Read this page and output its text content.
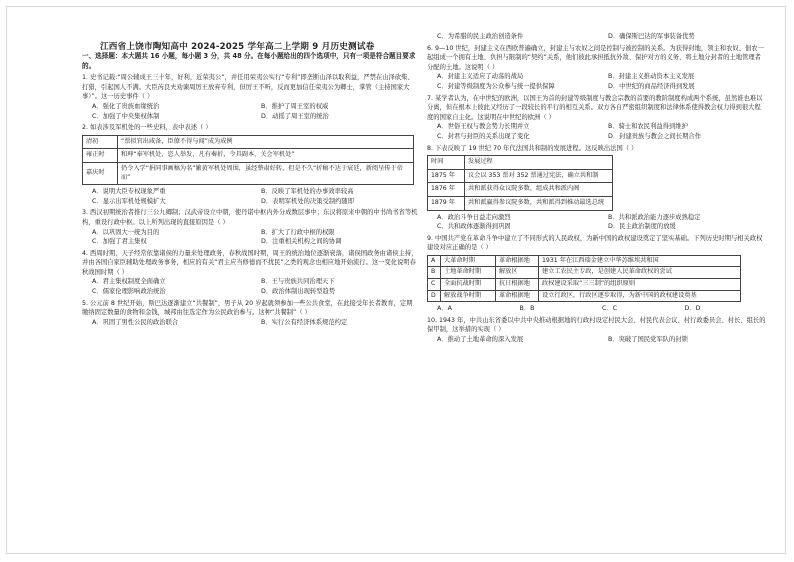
江西省上饶市陶知高中 2024-2025 学年高二上学期 9 月历史测试卷

一、选择题：本大题共 16 小题，每小题 3 分，共 48 分。在每小题给出的四个选项中，只有一项是符合题目要求的。

1. 史书记载:“周公辅成王三十年，好利，近荣夷公”，并任用荣夷公实行“专利”即垄断山泽以取利益，严禁在山泽砍柴、打猎，引起国人不满。大臣芮良夫劝谏周厉王放弃专利，但厉王不听，反而更加信任荣夷公为卿士，掌管（主持国家大事）”。这一历史事件（ ）

A．强化了贵族血缘统治	B．推护了周王室的权威
C．加强了中央集权体制	D．动摇了周王室的统治

2. 如表涉及军机处的一些史料，表中表述（ ）

清初	“票拟官出咸备，臣僚不得与闻”成为成例
雍正时	和珅“奉军机处，恣人举发，凡有奏折，令具副本，关会军机处”
嘉庆时	仍令入学“捐同事画稿为名”繁黄军机处周围，虽经整肃好转，但是不久“折稿不达于宸廷，新阅呈传于帝而”
A．说明大臣专权现象严重	B．反映了军机处的办事效率较高
C．显示出军机处规模扩大	D．表明军机处的决策受制约随即

3. 西汉初期统治者推行三公九卿制；汉武帝设立中朝，使丹诺中枢内外分成数层事中；东汉将原来中朝的中书尚书省等机构，重设行政中枢。以上所列出现的直接原因是（ ）

A．以巩固大一统为目的	B．扩大了行政中枢的权限
C．加强了君主集权	D．注重相关机构之间的协调

4. 西周时期，天子经常依靠诸侯的力量来处理政务，春秋战国时期，周王的统治地位逐渐衰落，诸侯国政务由诸侯主持，并由各国自家臣辅助处理政务事务，相应的有关“君主应当修德而不扰民”之类的观念也相应地开始流行。这一变化说明春秋战国时期（ ）

A．君主集权制度全面确立	B．王与贵族共同治理天下
C．儒家伦理影响政治统治	D．政治体制出现转型趋势

5. 公元前 8 世纪开始，斯巴达逐渐建立“共餐制”，男子从 20 岁起就须参加一些公共食堂，在此接受年长者教育，定期缴纳固定数量的食物和金钱，城邦由往选定作为公民政治参与。这种“共餐制”（ ）

A．巩固了男性公民的政治联合	B．实行公有经济体系规范约定
C．为希腊的民主政治创造条件	D．确保斯巴达的军事装备优势

6. 9—10 世纪，封建主义在西欧普遍确立，封建主与农奴之间是控制与被控制的关系。为获得封地，领主和农奴、佃农一起组成一个拥有土地、负担与限制的“契约”关系，他们彼此承担抵抗外敌、保护对方的义务，将土地分封者的土地管理者分配的土地。这说明（ ）

A．封建主义适应了动荡的战局	B．封建主义推动资本主义发展
C．封建等级制度为公众参与统一提供保障	D．中世纪的商品经济得到发展

7. 某学者认为，在中世纪的欧洲，以国王为首的封建等级制度与教会宗教的首要的教阶制度构成两个系统，虽然谁也难以分离，但在根本上彼此又经历了一段较长的平行的相互关系。双方各自严密组织制度和法律体系使得教会权力得到很大程度的国家自主化。这说明在中世纪的欧洲（ ）

A．世俗王权与教会势力长期并立	B．骑士和农民利益得到维护
C．封君与封臣的关系出现了变化	D．封建贵族与教会之间长期合作

8. 下表反映了 19 世纪 70 年代法国共和制的发展进程。这反映出法国（ ）

时间	发展过程
1875 年	议会以 353 票对 352 票通过宪法，确立共和制
1876 年	共和派获得众议院多数，组成共和派内阁
1879 年	共和派赢得参议院多数，共和派得到推动最选总统
A．政治斗争日益走向激烈	B．共和派政治能力逐步成熟稳定
C．共和政体逐渐得到巩固	D．民主政治制度的放缓

9. 中国共产党在革命斗争中建立了不同形式的人民政权，为新中国的政权建设奠定了坚实基础。下列历史时期与相关政权建设对应正确的是（ ）

A	大革命时期	革命根据地	1931 年在江西瑞金建立中华苏维埃共和国
B	土地革命时期	解放区	建立工农民主专政，是创建人民革命政权的尝试
C	全面抗战时期	抗日根据地	政权建设采取“三三制”的组织原则
D	解放战争时期	革命根据地	设立行政区，行政区逐步取得，为新中国的政权建设奠基
A．A	B．B	C．C	D．D

10. 1943 年，中共山东省委以中共中央推动根据地的行政村设定村民大会、村民代表会议、村行政委员会、村长、组长的保甲制，这举措的实现（ ）

A．推动了土地革命的深入发展	B．突破了国民党军队的封锁
